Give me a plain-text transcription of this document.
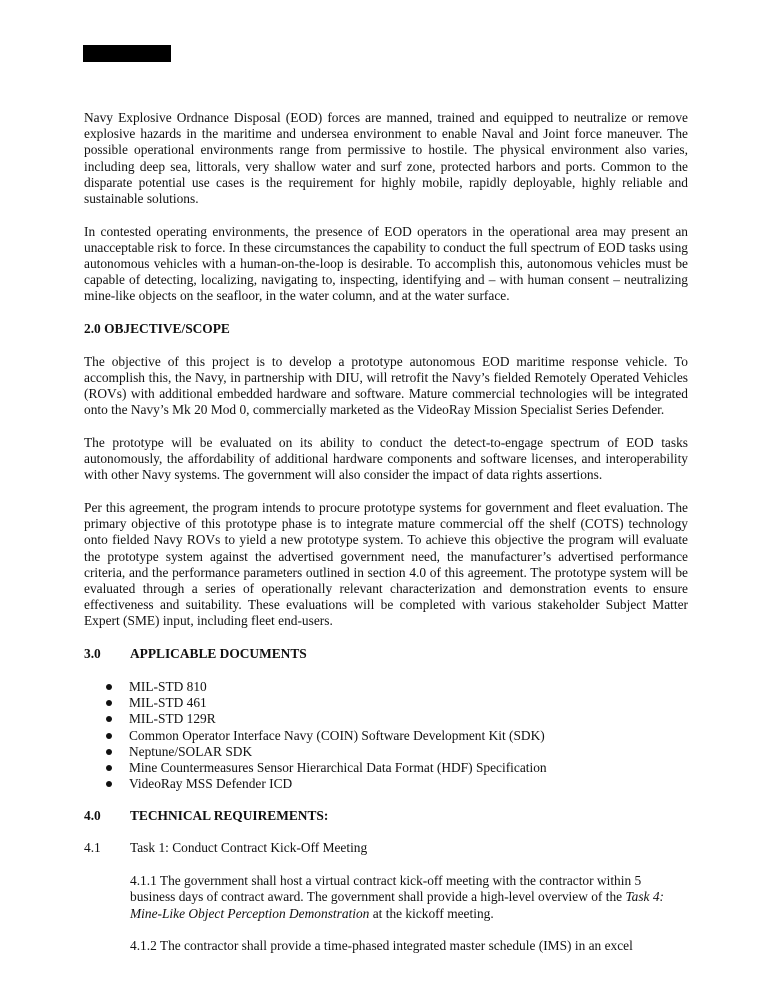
Navy Explosive Ordnance Disposal (EOD) forces are manned, trained and equipped to neutralize or remove explosive hazards in the maritime and undersea environment to enable Naval and Joint force maneuver. The possible operational environments range from permissive to hostile. The physical environment also varies, including deep sea, littorals, very shallow water and surf zone, protected harbors and ports. Common to the disparate potential use cases is the requirement for highly mobile, rapidly deployable, highly reliable and sustainable solutions.

In contested operating environments, the presence of EOD operators in the operational area may present an unacceptable risk to force. In these circumstances the capability to conduct the full spectrum of EOD tasks using autonomous vehicles with a human-on-the-loop is desirable. To accomplish this, autonomous vehicles must be capable of detecting, localizing, navigating to, inspecting, identifying and – with human consent – neutralizing mine-like objects on the seafloor, in the water column, and at the water surface.

2.0 OBJECTIVE/SCOPE

The objective of this project is to develop a prototype autonomous EOD maritime response vehicle. To accomplish this, the Navy, in partnership with DIU, will retrofit the Navy’s fielded Remotely Operated Vehicles (ROVs) with additional embedded hardware and software. Mature commercial technologies will be integrated onto the Navy’s Mk 20 Mod 0, commercially marketed as the VideoRay Mission Specialist Series Defender.

The prototype will be evaluated on its ability to conduct the detect-to-engage spectrum of EOD tasks autonomously, the affordability of additional hardware components and software licenses, and interoperability with other Navy systems. The government will also consider the impact of data rights assertions.

Per this agreement, the program intends to procure prototype systems for government and fleet evaluation. The primary objective of this prototype phase is to integrate mature commercial off the shelf (COTS) technology onto fielded Navy ROVs to yield a new prototype system. To achieve this objective the program will evaluate the prototype system against the advertised government need, the manufacturer’s advertised performance criteria, and the performance parameters outlined in section 4.0 of this agreement. The prototype system will be evaluated through a series of operationally relevant characterization and demonstration events to ensure effectiveness and suitability. These evaluations will be completed with various stakeholder Subject Matter Expert (SME) input, including fleet end-users.

3.0	APPLICABLE DOCUMENTS
MIL-STD 810
MIL-STD 461
MIL-STD 129R
Common Operator Interface Navy (COIN) Software Development Kit (SDK)
Neptune/SOLAR SDK
Mine Countermeasures Sensor Hierarchical Data Format (HDF) Specification
VideoRay MSS Defender ICD
4.0	TECHNICAL REQUIREMENTS:
4.1	Task 1: Conduct Contract Kick-Off Meeting

4.1.1 The government shall host a virtual contract kick-off meeting with the contractor within 5 business days of contract award. The government shall provide a high-level overview of the Task 4: Mine-Like Object Perception Demonstration at the kickoff meeting.

4.1.2 The contractor shall provide a time-phased integrated master schedule (IMS) in an excel
